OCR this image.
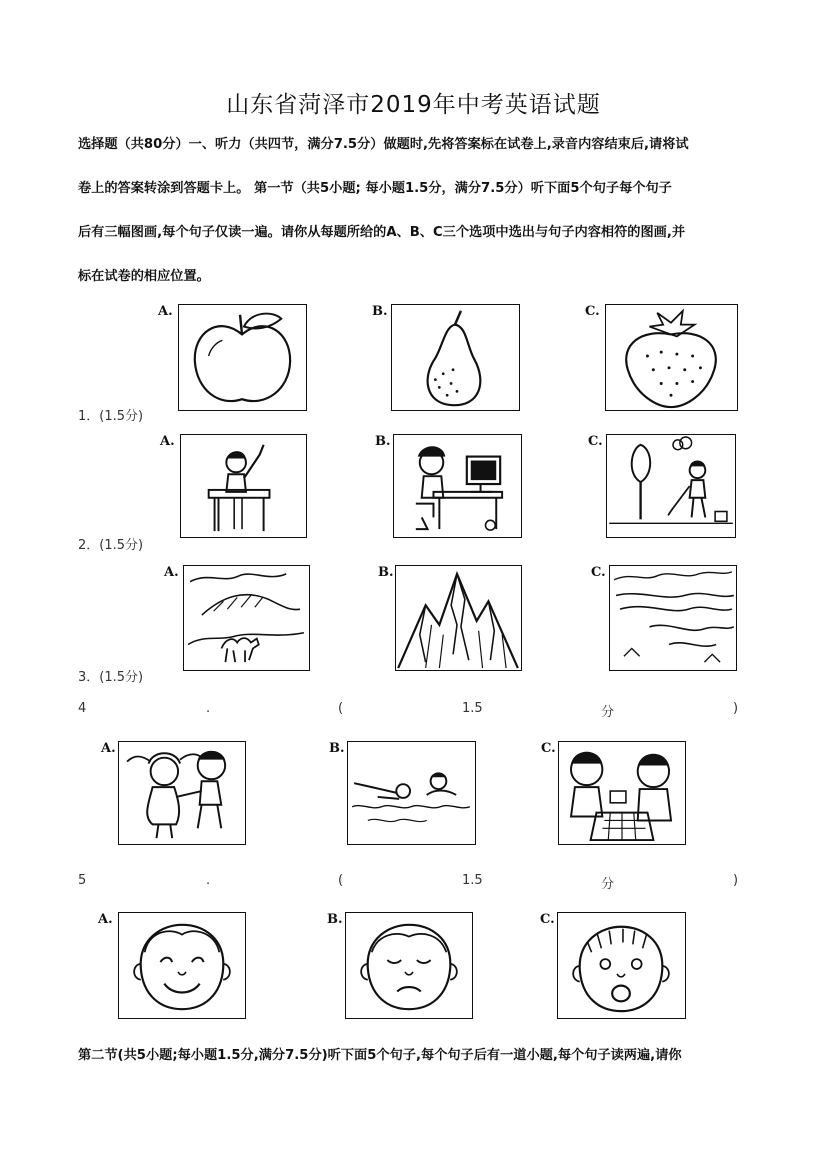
山东省菏泽市2019年中考英语试题
选择题（共80分）一、听力（共四节，满分7.5分）做题时,先将答案标在试卷上,录音内容结束后,请将试
卷上的答案转涂到答题卡上。 第一节（共5小题; 每小题1.5分，满分7.5分）听下面5个句子每个句子
后有三幅图画,每个句子仅读一遍。请你从每题所给的A、B、C三个选项中选出与句子内容相符的图画,并
标在试卷的相应位置。
A.	B.	C.
1．(1.5分)
A.	B.	C.
2．(1.5分)
A.	B.	C.
3．(1.5分)
4	.	(	1.5	分	)
A.	B.	C.
5	.	(	1.5	分	)
A.	B.	C.
第二节(共5小题;每小题1.5分,满分7.5分)听下面5个句子,每个句子后有一道小题,每个句子读两遍,请你
